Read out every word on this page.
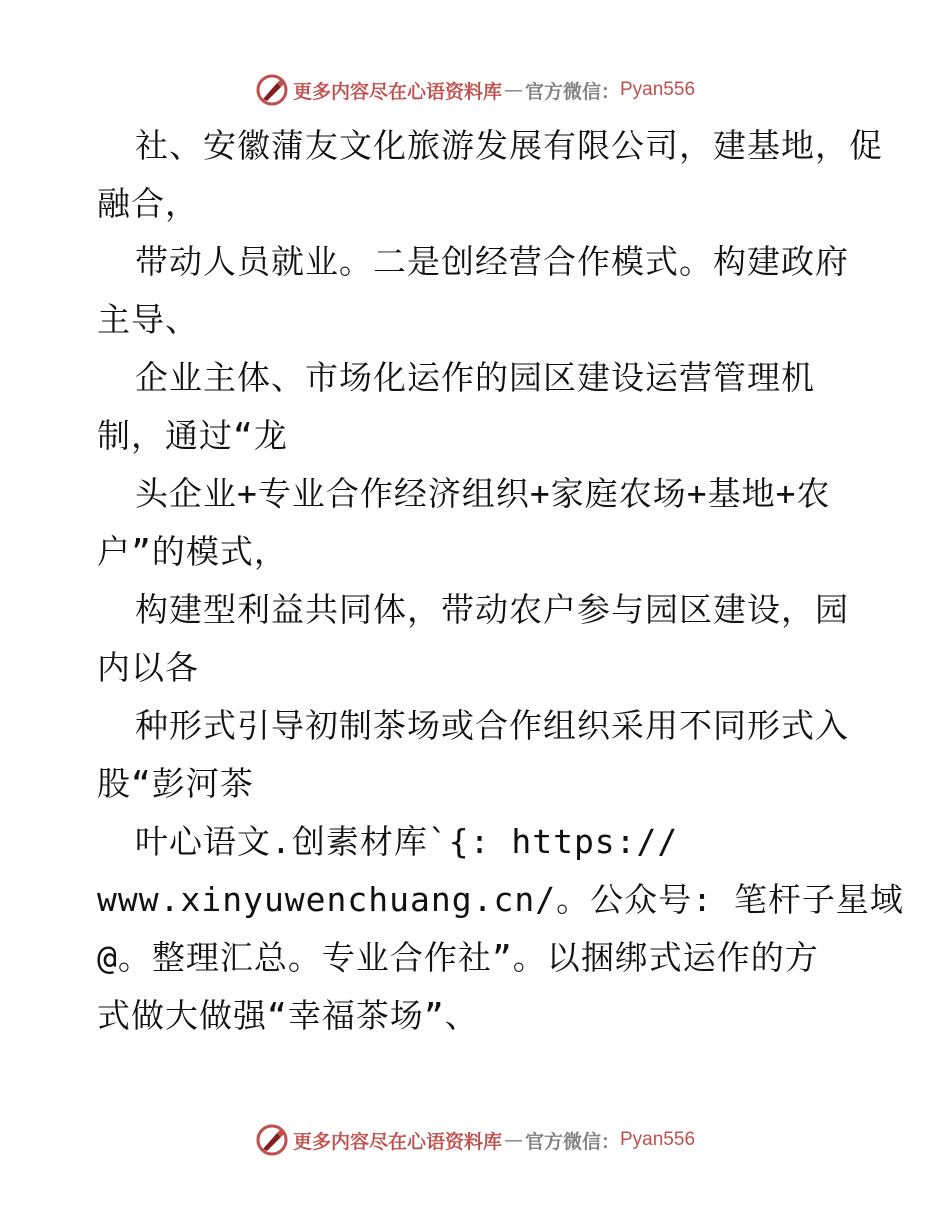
更多内容尽在心语资料库 — 官方微信： Pyan556
社、安徽蒲友文化旅游发展有限公司，建基地，促
融合，
带动人员就业。二是创经营合作模式。构建政府
主导、
企业主体、市场化运作的园区建设运营管理机
制，通过“龙
头企业+专业合作经济组织+家庭农场+基地+农
户”的模式，
构建型利益共同体，带动农户参与园区建设，园
内以各
种形式引导初制茶场或合作组织采用不同形式入
股“彭河茶
叶心语文.创素材库`{: https://
www.xinyuwenchuang.cn/。公众号: 笔杆子星域
@。整理汇总。专业合作社”。以捆绑式运作的方
式做大做强“幸福茶场”、
更多内容尽在心语资料库 — 官方微信： Pyan556
